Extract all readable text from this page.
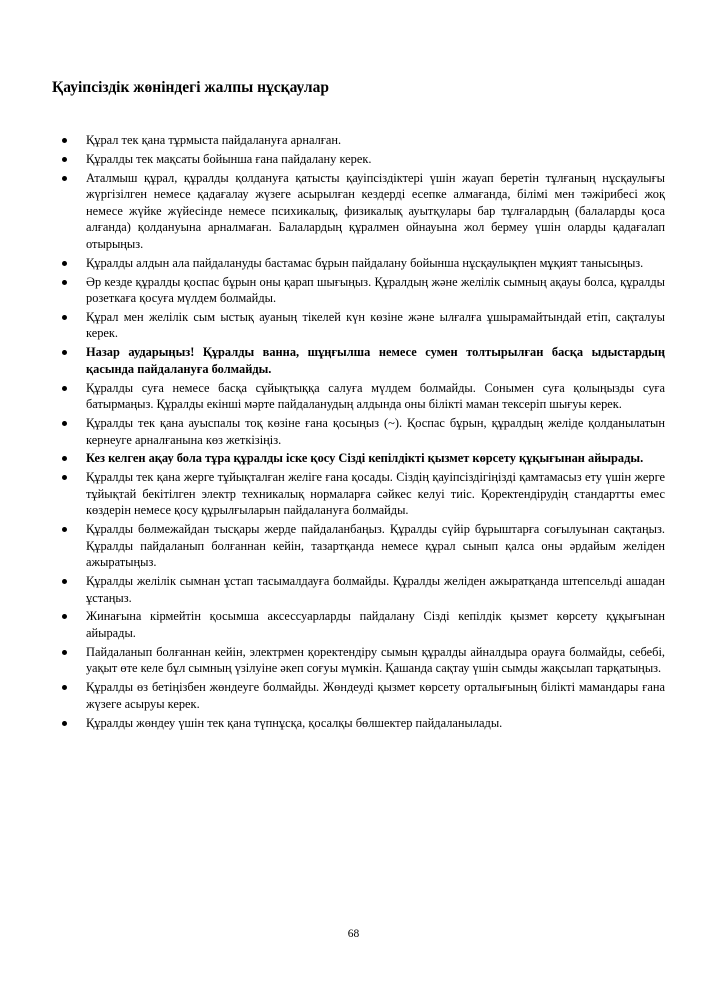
Қауіпсіздік жөніндегі жалпы нұсқаулар
Құрал тек қана тұрмыста пайдалануға арналған.
Құралды тек мақсаты бойынша ғана пайдалану керек.
Аталмыш құрал, құралды қолдануға қатысты қауіпсіздіктері үшін жауап беретін тұлғаның нұсқаулығы жүргізілген немесе қадағалау жүзеге асырылған кездерді есепке алмағанда, білімі мен тәжірибесі жоқ немесе жүйке жүйесінде немесе психикалық, физикалық ауытқулары бар тұлғалардың (балаларды қоса алғанда) қолдануына арналмаған. Балалардың құралмен ойнауына жол бермеу үшін оларды қадағалап отырыңыз.
Құралды алдын ала пайдалануды бастамас бұрын пайдалану бойынша нұсқаулықпен мұқият танысыңыз.
Әр кезде құралды қоспас бұрын оны қарап шығыңыз. Құралдың және желілік сымның ақауы болса, құралды розеткаға қосуға мүлдем болмайды.
Құрал мен желілік сым ыстық ауаның тікелей күн көзіне және ылғалға ұшырамайтындай етіп, сақталуы керек.
Назар аударыңыз! Құралды ванна, шұңғылша немесе сумен толтырылған басқа ыдыстардың қасында пайдалануға болмайды.
Құралды суға немесе басқа сұйықтыққа салуға мүлдем болмайды. Сонымен суға қолыңызды суға батырмаңыз. Құралды екінші мәрте пайдаланудың алдында оны білікті маман тексеріп шығуы керек.
Құралды тек қана ауыспалы тоқ көзіне ғана қосыңыз (~). Қоспас бұрын, құралдың желіде қолданылатын кернеуге арналғанына көз жеткізіңіз.
Кез келген ақау бола тұра құралды іске қосу Сізді кепілдікті қызмет көрсету құқығынан айырады.
Құралды тек қана жерге тұйықталған желіге ғана қосады. Сіздің қауіпсіздігіңізді қамтамасыз ету үшін жерге тұйықтай бекітілген электр техникалық нормаларға сәйкес келуі тиіс. Қоректендірудің стандартты емес көздерін немесе қосу құрылғыларын пайдалануға болмайды.
Құралды бөлмежайдан тысқары жерде пайдаланбаңыз. Құралды сүйір бұрыштарға соғылуынан сақтаңыз. Құралды пайдаланып болғаннан кейін, тазартқанда немесе құрал сынып қалса оны әрдайым желіден ажыратыңыз.
Құралды желілік сымнан ұстап тасымалдауға болмайды. Құралды желіден ажыратқанда штепсельді ашадан ұстаңыз.
Жинағына кірмейтін қосымша аксессуарларды пайдалану Сізді кепілдік қызмет көрсету құқығынан айырады.
Пайдаланып болғаннан кейін, электрмен қоректендіру сымын құралды айналдыра орауға болмайды, себебі, уақыт өте келе бұл сымның үзілуіне әкеп соғуы мүмкін. Қашанда сақтау үшін сымды жақсылап тарқатыңыз.
Құралды өз бетіңізбен жөндеуге болмайды. Жөндеуді қызмет көрсету орталығының білікті мамандары ғана жүзеге асыруы керек.
Құралды жөндеу үшін тек қана түпнұсқа, қосалқы бөлшектер пайдаланылады.
68
